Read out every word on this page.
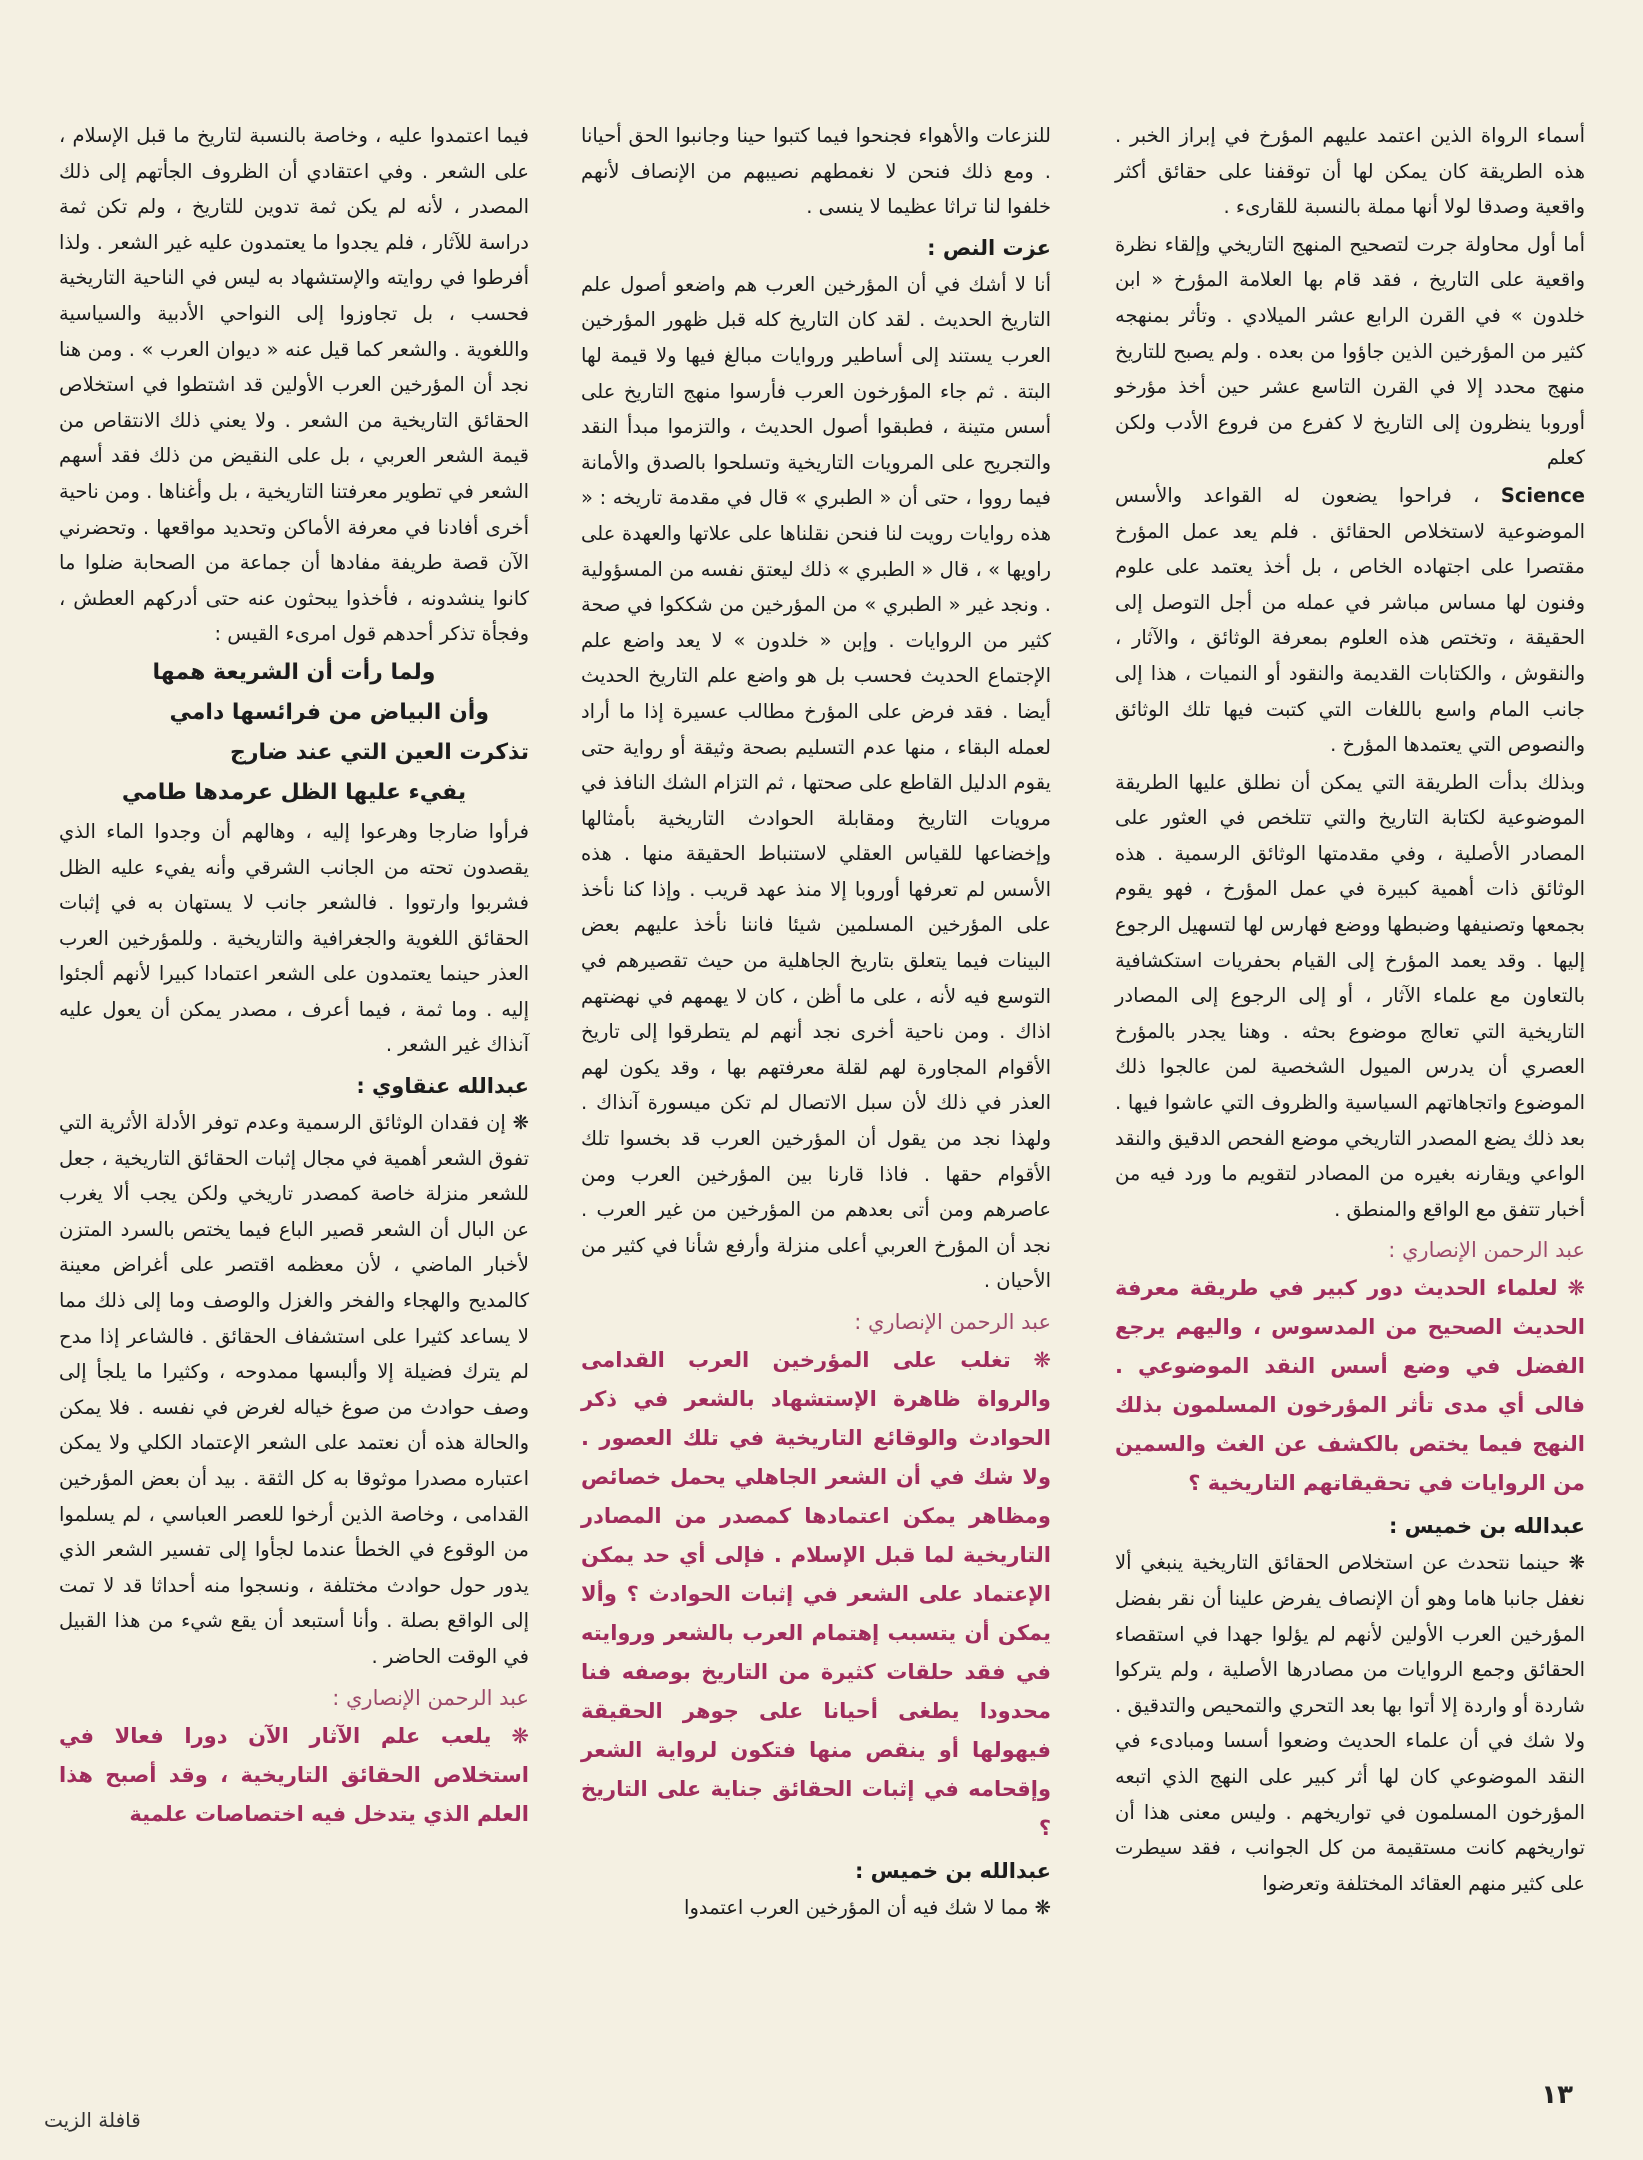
أسماء الرواة الذين اعتمد عليهم المؤرخ في إبراز الخبر . هذه الطريقة كان يمكن لها أن توقفنا على حقائق أكثر واقعية وصدقا لولا أنها مملة بالنسبة للقارىء .

أما أول محاولة جرت لتصحيح المنهج التاريخي وإلقاء نظرة واقعية على التاريخ ، فقد قام بها العلامة المؤرخ « ابن خلدون » في القرن الرابع عشر الميلادي . وتأثر بمنهجه كثير من المؤرخين الذين جاؤوا من بعده . ولم يصبح للتاريخ منهج محدد إلا في القرن التاسع عشر حين أخذ مؤرخو أوروبا ينظرون إلى التاريخ لا كفرع من فروع الأدب ولكن كعلم

Science ، فراحوا يضعون له القواعد والأسس الموضوعية لاستخلاص الحقائق . فلم يعد عمل المؤرخ مقتصرا على اجتهاده الخاص ، بل أخذ يعتمد على علوم وفنون لها مساس مباشر في عمله من أجل التوصل إلى الحقيقة ، وتختص هذه العلوم بمعرفة الوثائق ، والآثار ، والنقوش ، والكتابات القديمة والنقود أو النميات ، هذا إلى جانب المام واسع باللغات التي كتبت فيها تلك الوثائق والنصوص التي يعتمدها المؤرخ .

وبذلك بدأت الطريقة التي يمكن أن نطلق عليها الطريقة الموضوعية لكتابة التاريخ والتي تتلخص في العثور على المصادر الأصلية ، وفي مقدمتها الوثائق الرسمية . هذه الوثائق ذات أهمية كبيرة في عمل المؤرخ ، فهو يقوم بجمعها وتصنيفها وضبطها ووضع فهارس لها لتسهيل الرجوع إليها . وقد يعمد المؤرخ إلى القيام بحفريات استكشافية بالتعاون مع علماء الآثار ، أو إلى الرجوع إلى المصادر التاريخية التي تعالج موضوع بحثه . وهنا يجدر بالمؤرخ العصري أن يدرس الميول الشخصية لمن عالجوا ذلك الموضوع واتجاهاتهم السياسية والظروف التي عاشوا فيها . بعد ذلك يضع المصدر التاريخي موضع الفحص الدقيق والنقد الواعي ويقارنه بغيره من المصادر لتقويم ما ورد فيه من أخبار تتفق مع الواقع والمنطق .

عبد الرحمن الإنصاري :

❋ لعلماء الحديث دور كبير في طريقة معرفة الحديث الصحيح من المدسوس ، واليهم يرجع الفضل في وضع أسس النقد الموضوعي . فالى أي مدى تأثر المؤرخون المسلمون بذلك النهج فيما يختص بالكشف عن الغث والسمين من الروايات في تحقيقاتهم التاريخية ؟

عبدالله بن خميس :

❋ حينما نتحدث عن استخلاص الحقائق التاريخية ينبغي ألا نغفل جانبا هاما وهو أن الإنصاف يفرض علينا أن نقر بفضل المؤرخين العرب الأولين لأنهم لم يؤلوا جهدا في استقصاء الحقائق وجمع الروايات من مصادرها الأصلية ، ولم يتركوا شاردة أو واردة إلا أتوا بها بعد التحري والتمحيص والتدقيق . ولا شك في أن علماء الحديث وضعوا أسسا ومبادىء في النقد الموضوعي كان لها أثر كبير على النهج الذي اتبعه المؤرخون المسلمون في تواريخهم . وليس معنى هذا أن تواريخهم كانت مستقيمة من كل الجوانب ، فقد سيطرت على كثير منهم العقائد المختلفة وتعرضوا

للنزعات والأهواء فجنحوا فيما كتبوا حينا وجانبوا الحق أحيانا . ومع ذلك فنحن لا نغمطهم نصيبهم من الإنصاف لأنهم خلفوا لنا تراثا عظيما لا ينسى .

عزت النص :

أنا لا أشك في أن المؤرخين العرب هم واضعو أصول علم التاريخ الحديث . لقد كان التاريخ كله قبل ظهور المؤرخين العرب يستند إلى أساطير وروايات مبالغ فيها ولا قيمة لها البتة . ثم جاء المؤرخون العرب فأرسوا منهج التاريخ على أسس متينة ، فطبقوا أصول الحديث ، والتزموا مبدأ النقد والتجريح على المرويات التاريخية وتسلحوا بالصدق والأمانة فيما رووا ، حتى أن « الطبري » قال في مقدمة تاريخه : « هذه روايات رويت لنا فنحن نقلناها على علاتها والعهدة على راويها » ، قال « الطبري » ذلك ليعتق نفسه من المسؤولية . ونجد غير « الطبري » من المؤرخين من شككوا في صحة كثير من الروايات . وإبن « خلدون » لا يعد واضع علم الإجتماع الحديث فحسب بل هو واضع علم التاريخ الحديث أيضا . فقد فرض على المؤرخ مطالب عسيرة إذا ما أراد لعمله البقاء ، منها عدم التسليم بصحة وثيقة أو رواية حتى يقوم الدليل القاطع على صحتها ، ثم التزام الشك النافذ في مرويات التاريخ ومقابلة الحوادث التاريخية بأمثالها وإخضاعها للقياس العقلي لاستنباط الحقيقة منها . هذه الأسس لم تعرفها أوروبا إلا منذ عهد قريب . وإذا كنا نأخذ على المؤرخين المسلمين شيئا فاننا نأخذ عليهم بعض البينات فيما يتعلق بتاريخ الجاهلية من حيث تقصيرهم في التوسع فيه لأنه ، على ما أظن ، كان لا يهمهم في نهضتهم اذاك . ومن ناحية أخرى نجد أنهم لم يتطرقوا إلى تاريخ الأقوام المجاورة لهم لقلة معرفتهم بها ، وقد يكون لهم العذر في ذلك لأن سبل الاتصال لم تكن ميسورة آنذاك . ولهذا نجد من يقول أن المؤرخين العرب قد بخسوا تلك الأقوام حقها . فاذا قارنا بين المؤرخين العرب ومن عاصرهم ومن أتى بعدهم من المؤرخين من غير العرب . نجد أن المؤرخ العربي أعلى منزلة وأرفع شأنا في كثير من الأحيان .

عبد الرحمن الإنصاري :

❋ تغلب على المؤرخين العرب القدامى والرواة ظاهرة الإستشهاد بالشعر في ذكر الحوادث والوقائع التاريخية في تلك العصور . ولا شك في أن الشعر الجاهلي يحمل خصائص ومظاهر يمكن اعتمادها كمصدر من المصادر التاريخية لما قبل الإسلام . فإلى أي حد يمكن الإعتماد على الشعر في إثبات الحوادث ؟ وألا يمكن أن يتسبب إهتمام العرب بالشعر وروايته في فقد حلقات كثيرة من التاريخ بوصفه فنا محدودا يطغى أحيانا على جوهر الحقيقة فيهولها أو ينقص منها فتكون لرواية الشعر وإقحامه في إثبات الحقائق جناية على التاريخ ؟

عبدالله بن خميس :

❋ مما لا شك فيه أن المؤرخين العرب اعتمدوا

فيما اعتمدوا عليه ، وخاصة بالنسبة لتاريخ ما قبل الإسلام ، على الشعر . وفي اعتقادي أن الظروف الجأتهم إلى ذلك المصدر ، لأنه لم يكن ثمة تدوين للتاريخ ، ولم تكن ثمة دراسة للآثار ، فلم يجدوا ما يعتمدون عليه غير الشعر . ولذا أفرطوا في روايته والإستشهاد به ليس في الناحية التاريخية فحسب ، بل تجاوزوا إلى النواحي الأدبية والسياسية واللغوية . والشعر كما قيل عنه « ديوان العرب » . ومن هنا نجد أن المؤرخين العرب الأولين قد اشتطوا في استخلاص الحقائق التاريخية من الشعر . ولا يعني ذلك الانتقاص من قيمة الشعر العربي ، بل على النقيض من ذلك فقد أسهم الشعر في تطوير معرفتنا التاريخية ، بل وأغناها . ومن ناحية أخرى أفادنا في معرفة الأماكن وتحديد مواقعها . وتحضرني الآن قصة طريفة مفادها أن جماعة من الصحابة ضلوا ما كانوا ينشدونه ، فأخذوا يبحثون عنه حتى أدركهم العطش ، وفجأة تذكر أحدهم قول امرىء القيس :

ولما رأت أن الشريعة همها
وأن البياض من فرائسها دامي
تذكرت العين التي عند ضارج
يفيء عليها الظل عرمدها طامي

فرأوا ضارجا وهرعوا إليه ، وهالهم أن وجدوا الماء الذي يقصدون تحته من الجانب الشرقي وأنه يفيء عليه الظل فشربوا وارتووا . فالشعر جانب لا يستهان به في إثبات الحقائق اللغوية والجغرافية والتاريخية . وللمؤرخين العرب العذر حينما يعتمدون على الشعر اعتمادا كبيرا لأنهم ألجئوا إليه . وما ثمة ، فيما أعرف ، مصدر يمكن أن يعول عليه آنذاك غير الشعر .

عبدالله عنقاوي :

❋ إن فقدان الوثائق الرسمية وعدم توفر الأدلة الأثرية التي تفوق الشعر أهمية في مجال إثبات الحقائق التاريخية ، جعل للشعر منزلة خاصة كمصدر تاريخي ولكن يجب ألا يغرب عن البال أن الشعر قصير الباع فيما يختص بالسرد المتزن لأخبار الماضي ، لأن معظمه اقتصر على أغراض معينة كالمديح والهجاء والفخر والغزل والوصف وما إلى ذلك مما لا يساعد كثيرا على استشفاف الحقائق . فالشاعر إذا مدح لم يترك فضيلة إلا وألبسها ممدوحه ، وكثيرا ما يلجأ إلى وصف حوادث من صوغ خياله لغرض في نفسه . فلا يمكن والحالة هذه أن نعتمد على الشعر الإعتماد الكلي ولا يمكن اعتباره مصدرا موثوقا به كل الثقة . بيد أن بعض المؤرخين القدامى ، وخاصة الذين أرخوا للعصر العباسي ، لم يسلموا من الوقوع في الخطأ عندما لجأوا إلى تفسير الشعر الذي يدور حول حوادث مختلفة ، ونسجوا منه أحداثا قد لا تمت إلى الواقع بصلة . وأنا أستبعد أن يقع شيء من هذا القبيل في الوقت الحاضر .

عبد الرحمن الإنصاري :

❋ يلعب علم الآثار الآن دورا فعالا في استخلاص الحقائق التاريخية ، وقد أصبح هذا العلم الذي يتدخل فيه اختصاصات علمية

١٣
قافلة الزيت
